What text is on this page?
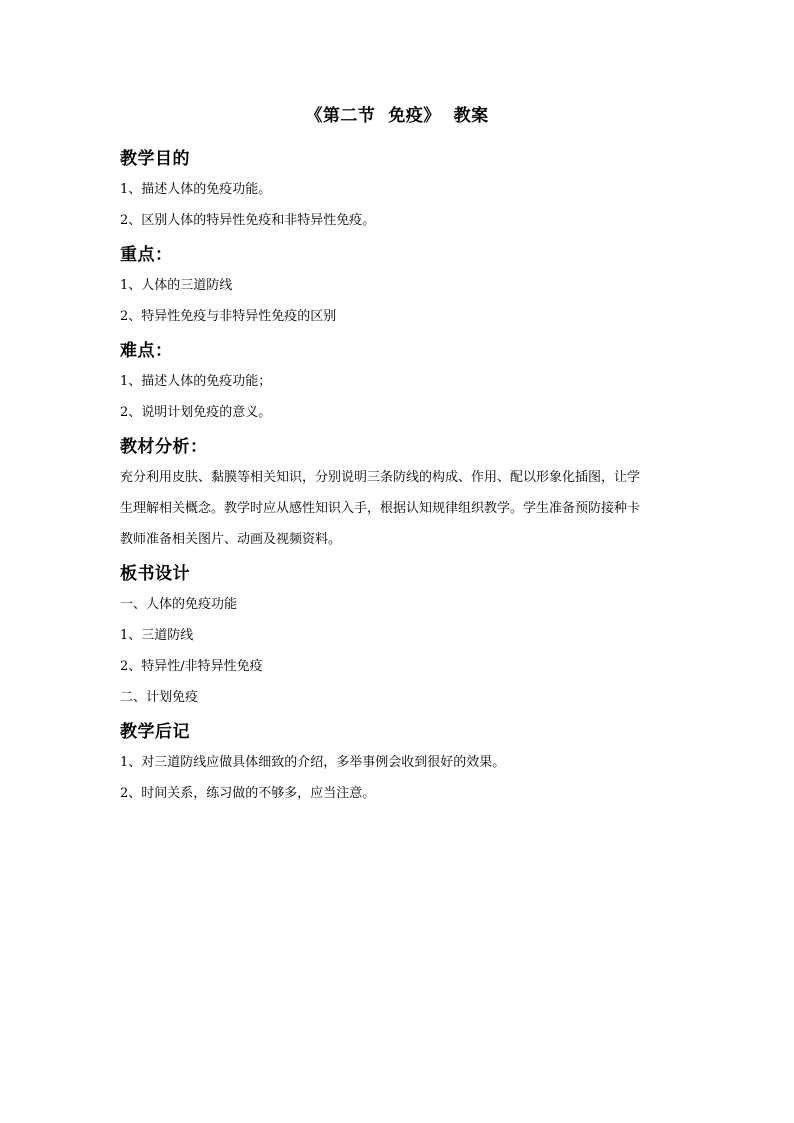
《第二节  免疫》  教案
教学目的
1、描述人体的免疫功能。
2、区别人体的特异性免疫和非特异性免疫。
重点：
1、人体的三道防线
2、特异性免疫与非特异性免疫的区别
难点：
1、描述人体的免疫功能；
2、说明计划免疫的意义。
教材分析：
充分利用皮肤、黏膜等相关知识，分别说明三条防线的构成、作用、配以形象化插图，让学
生理解相关概念。教学时应从感性知识入手，根据认知规律组织教学。学生准备预防接种卡
教师准备相关图片、动画及视频资料。
板书设计
一、人体的免疫功能
1、三道防线
2、特异性/非特异性免疫
二、计划免疫
教学后记
1、对三道防线应做具体细致的介绍，多举事例会收到很好的效果。
2、时间关系，练习做的不够多，应当注意。
